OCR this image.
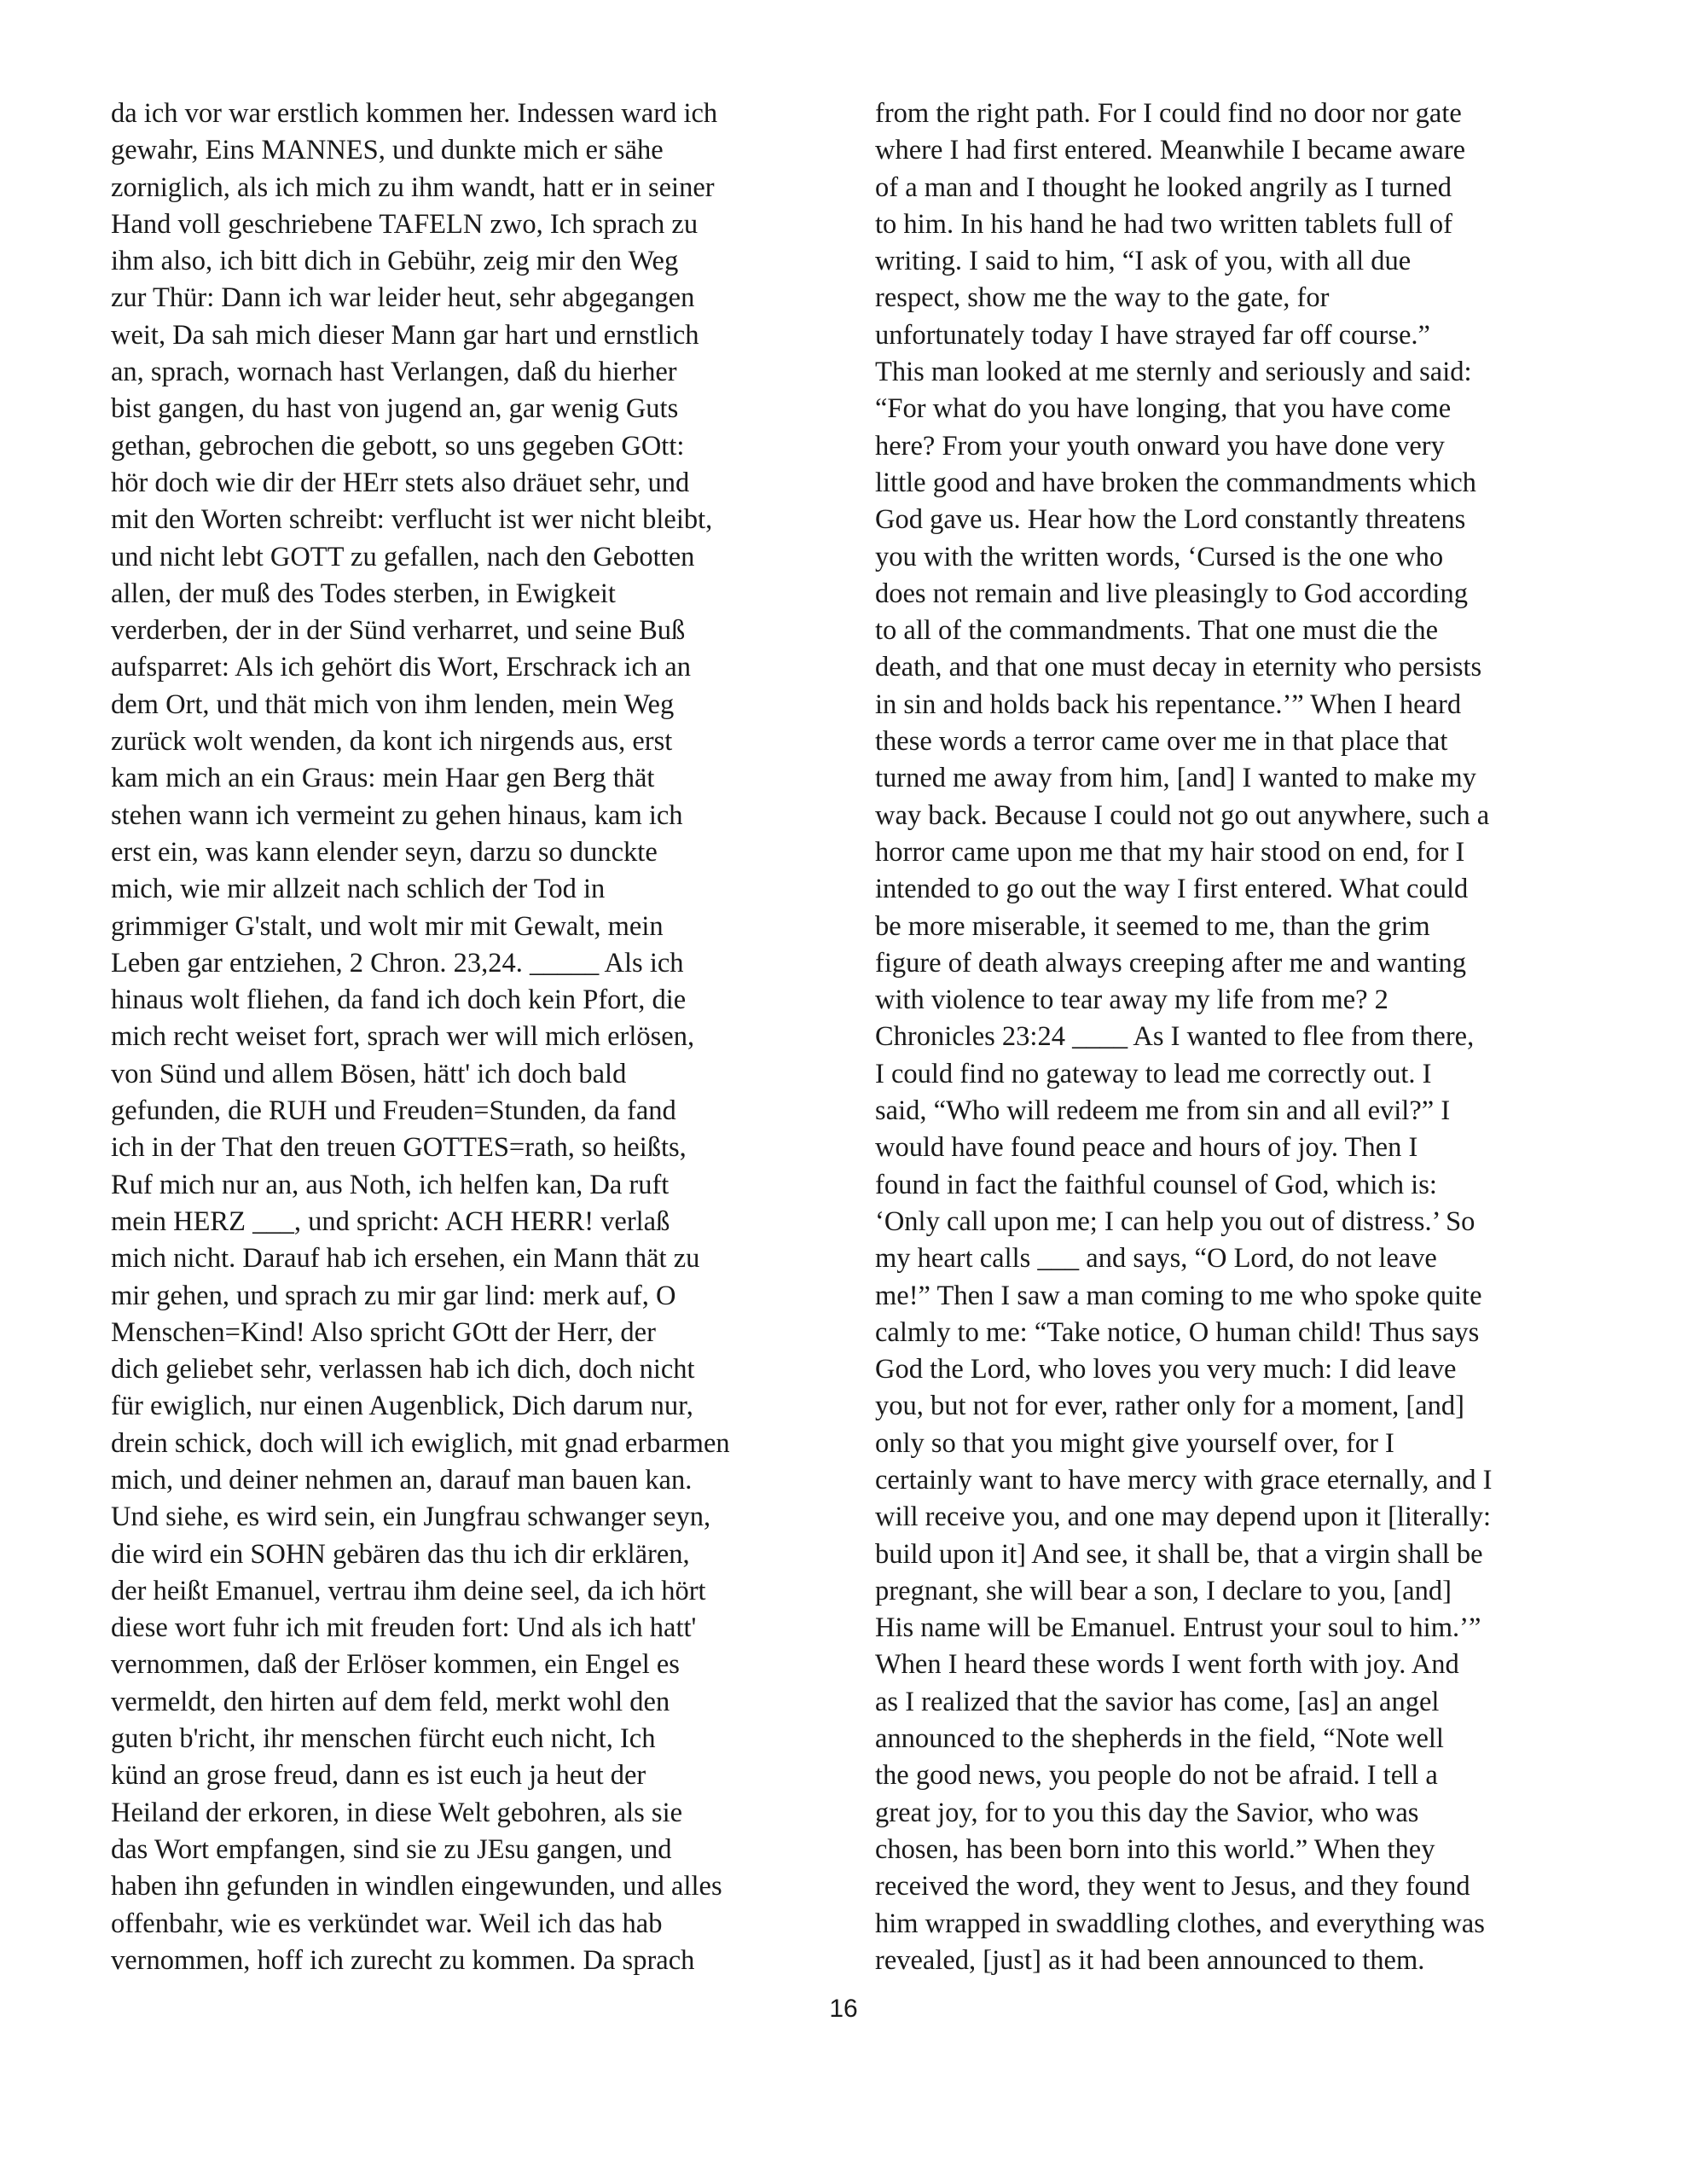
da ich vor war erstlich kommen her. Indessen ward ich
gewahr, Eins MANNES, und dunkte mich er sähe
zorniglich, als ich mich zu ihm wandt, hatt er in seiner
Hand voll geschriebene TAFELN zwo, Ich sprach zu
ihm also, ich bitt dich in Gebühr, zeig mir den Weg
zur Thür: Dann ich war leider heut, sehr abgegangen
weit, Da sah mich dieser Mann gar hart und ernstlich
an, sprach, wornach hast Verlangen, daß du hierher
bist gangen, du hast von jugend an, gar wenig Guts
gethan, gebrochen die gebott, so uns gegeben GOtt:
hör doch wie dir der HErr stets also dräuet sehr, und
mit den Worten schreibt: verflucht ist wer nicht bleibt,
und nicht lebt GOTT zu gefallen, nach den Gebotten
allen, der muß des Todes sterben, in Ewigkeit
verderben, der in der Sünd verharret, und seine Buß
aufsparret: Als ich gehört dis Wort, Erschrack ich an
dem Ort, und thät mich von ihm lenden, mein Weg
zurück wolt wenden, da kont ich nirgends aus, erst
kam mich an ein Graus: mein Haar gen Berg thät
stehen wann ich vermeint zu gehen hinaus, kam ich
erst ein, was kann elender seyn, darzu so dunckte
mich, wie mir allzeit nach schlich der Tod in
grimmiger G'stalt, und wolt mir mit Gewalt, mein
Leben gar entziehen, 2 Chron. 23,24. _____ Als ich
hinaus wolt fliehen, da fand ich doch kein Pfort, die
mich recht weiset fort, sprach wer will mich erlösen,
von Sünd und allem Bösen, hätt' ich doch bald
gefunden, die RUH und Freuden=Stunden, da fand
ich in der That den treuen GOTTES=rath, so heißts,
Ruf mich nur an, aus Noth, ich helfen kan, Da ruft
mein HERZ ___, und spricht: ACH HERR! verlaß
mich nicht. Darauf hab ich ersehen, ein Mann thät zu
mir gehen, und sprach zu mir gar lind: merk auf, O
Menschen=Kind! Also spricht GOtt der Herr, der
dich geliebet sehr, verlassen hab ich dich, doch nicht
für ewiglich, nur einen Augenblick, Dich darum nur,
drein schick, doch will ich ewiglich, mit gnad erbarmen
mich, und deiner nehmen an, darauf man bauen kan.
Und siehe, es wird sein, ein Jungfrau schwanger seyn,
die wird ein SOHN gebären das thu ich dir erklären,
der heißt Emanuel, vertrau ihm deine seel, da ich hört
diese wort fuhr ich mit freuden fort: Und als ich hatt'
vernommen, daß der Erlöser kommen, ein Engel es
vermeldt, den hirten auf dem feld, merkt wohl den
guten b'richt, ihr menschen fürcht euch nicht, Ich
künd an grose freud, dann es ist euch ja heut der
Heiland der erkoren, in diese Welt gebohren, als sie
das Wort empfangen, sind sie zu JEsu gangen, und
haben ihn gefunden in windlen eingewunden, und alles
offenbahr, wie es verkündet war. Weil ich das hab
vernommen, hoff ich zurecht zu kommen. Da sprach
from the right path. For I could find no door nor gate
where I had first entered. Meanwhile I became aware
of a man and I thought he looked angrily as I turned
to him. In his hand he had two written tablets full of
writing. I said to him, “I ask of you, with all due
respect, show me the way to the gate, for
unfortunately today I have strayed far off course.”
This man looked at me sternly and seriously and said:
“For what do you have longing, that you have come
here? From your youth onward you have done very
little good and have broken the commandments which
God gave us. Hear how the Lord constantly threatens
you with the written words, ‘Cursed is the one who
does not remain and live pleasingly to God according
to all of the commandments. That one must die the
death, and that one must decay in eternity who persists
in sin and holds back his repentance.’” When I heard
these words a terror came over me in that place that
turned me away from him, [and] I wanted to make my
way back. Because I could not go out anywhere, such a
horror came upon me that my hair stood on end, for I
intended to go out the way I first entered. What could
be more miserable, it seemed to me, than the grim
figure of death always creeping after me and wanting
with violence to tear away my life from me? 2
Chronicles 23:24 ____ As I wanted to flee from there,
I could find no gateway to lead me correctly out. I
said, “Who will redeem me from sin and all evil?” I
would have found peace and hours of joy. Then I
found in fact the faithful counsel of God, which is:
‘Only call upon me; I can help you out of distress.’ So
my heart calls ___ and says, “O Lord, do not leave
me!” Then I saw a man coming to me who spoke quite
calmly to me: “Take notice, O human child! Thus says
God the Lord, who loves you very much: I did leave
you, but not for ever, rather only for a moment, [and]
only so that you might give yourself over, for I
certainly want to have mercy with grace eternally, and I
will receive you, and one may depend upon it [literally:
build upon it] And see, it shall be, that a virgin shall be
pregnant, she will bear a son, I declare to you, [and]
His name will be Emanuel. Entrust your soul to him.’”
When I heard these words I went forth with joy. And
as I realized that the savior has come, [as] an angel
announced to the shepherds in the field, “Note well
the good news, you people do not be afraid. I tell a
great joy, for to you this day the Savior, who was
chosen, has been born into this world.” When they
received the word, they went to Jesus, and they found
him wrapped in swaddling clothes, and everything was
revealed, [just] as it had been announced to them.
16
